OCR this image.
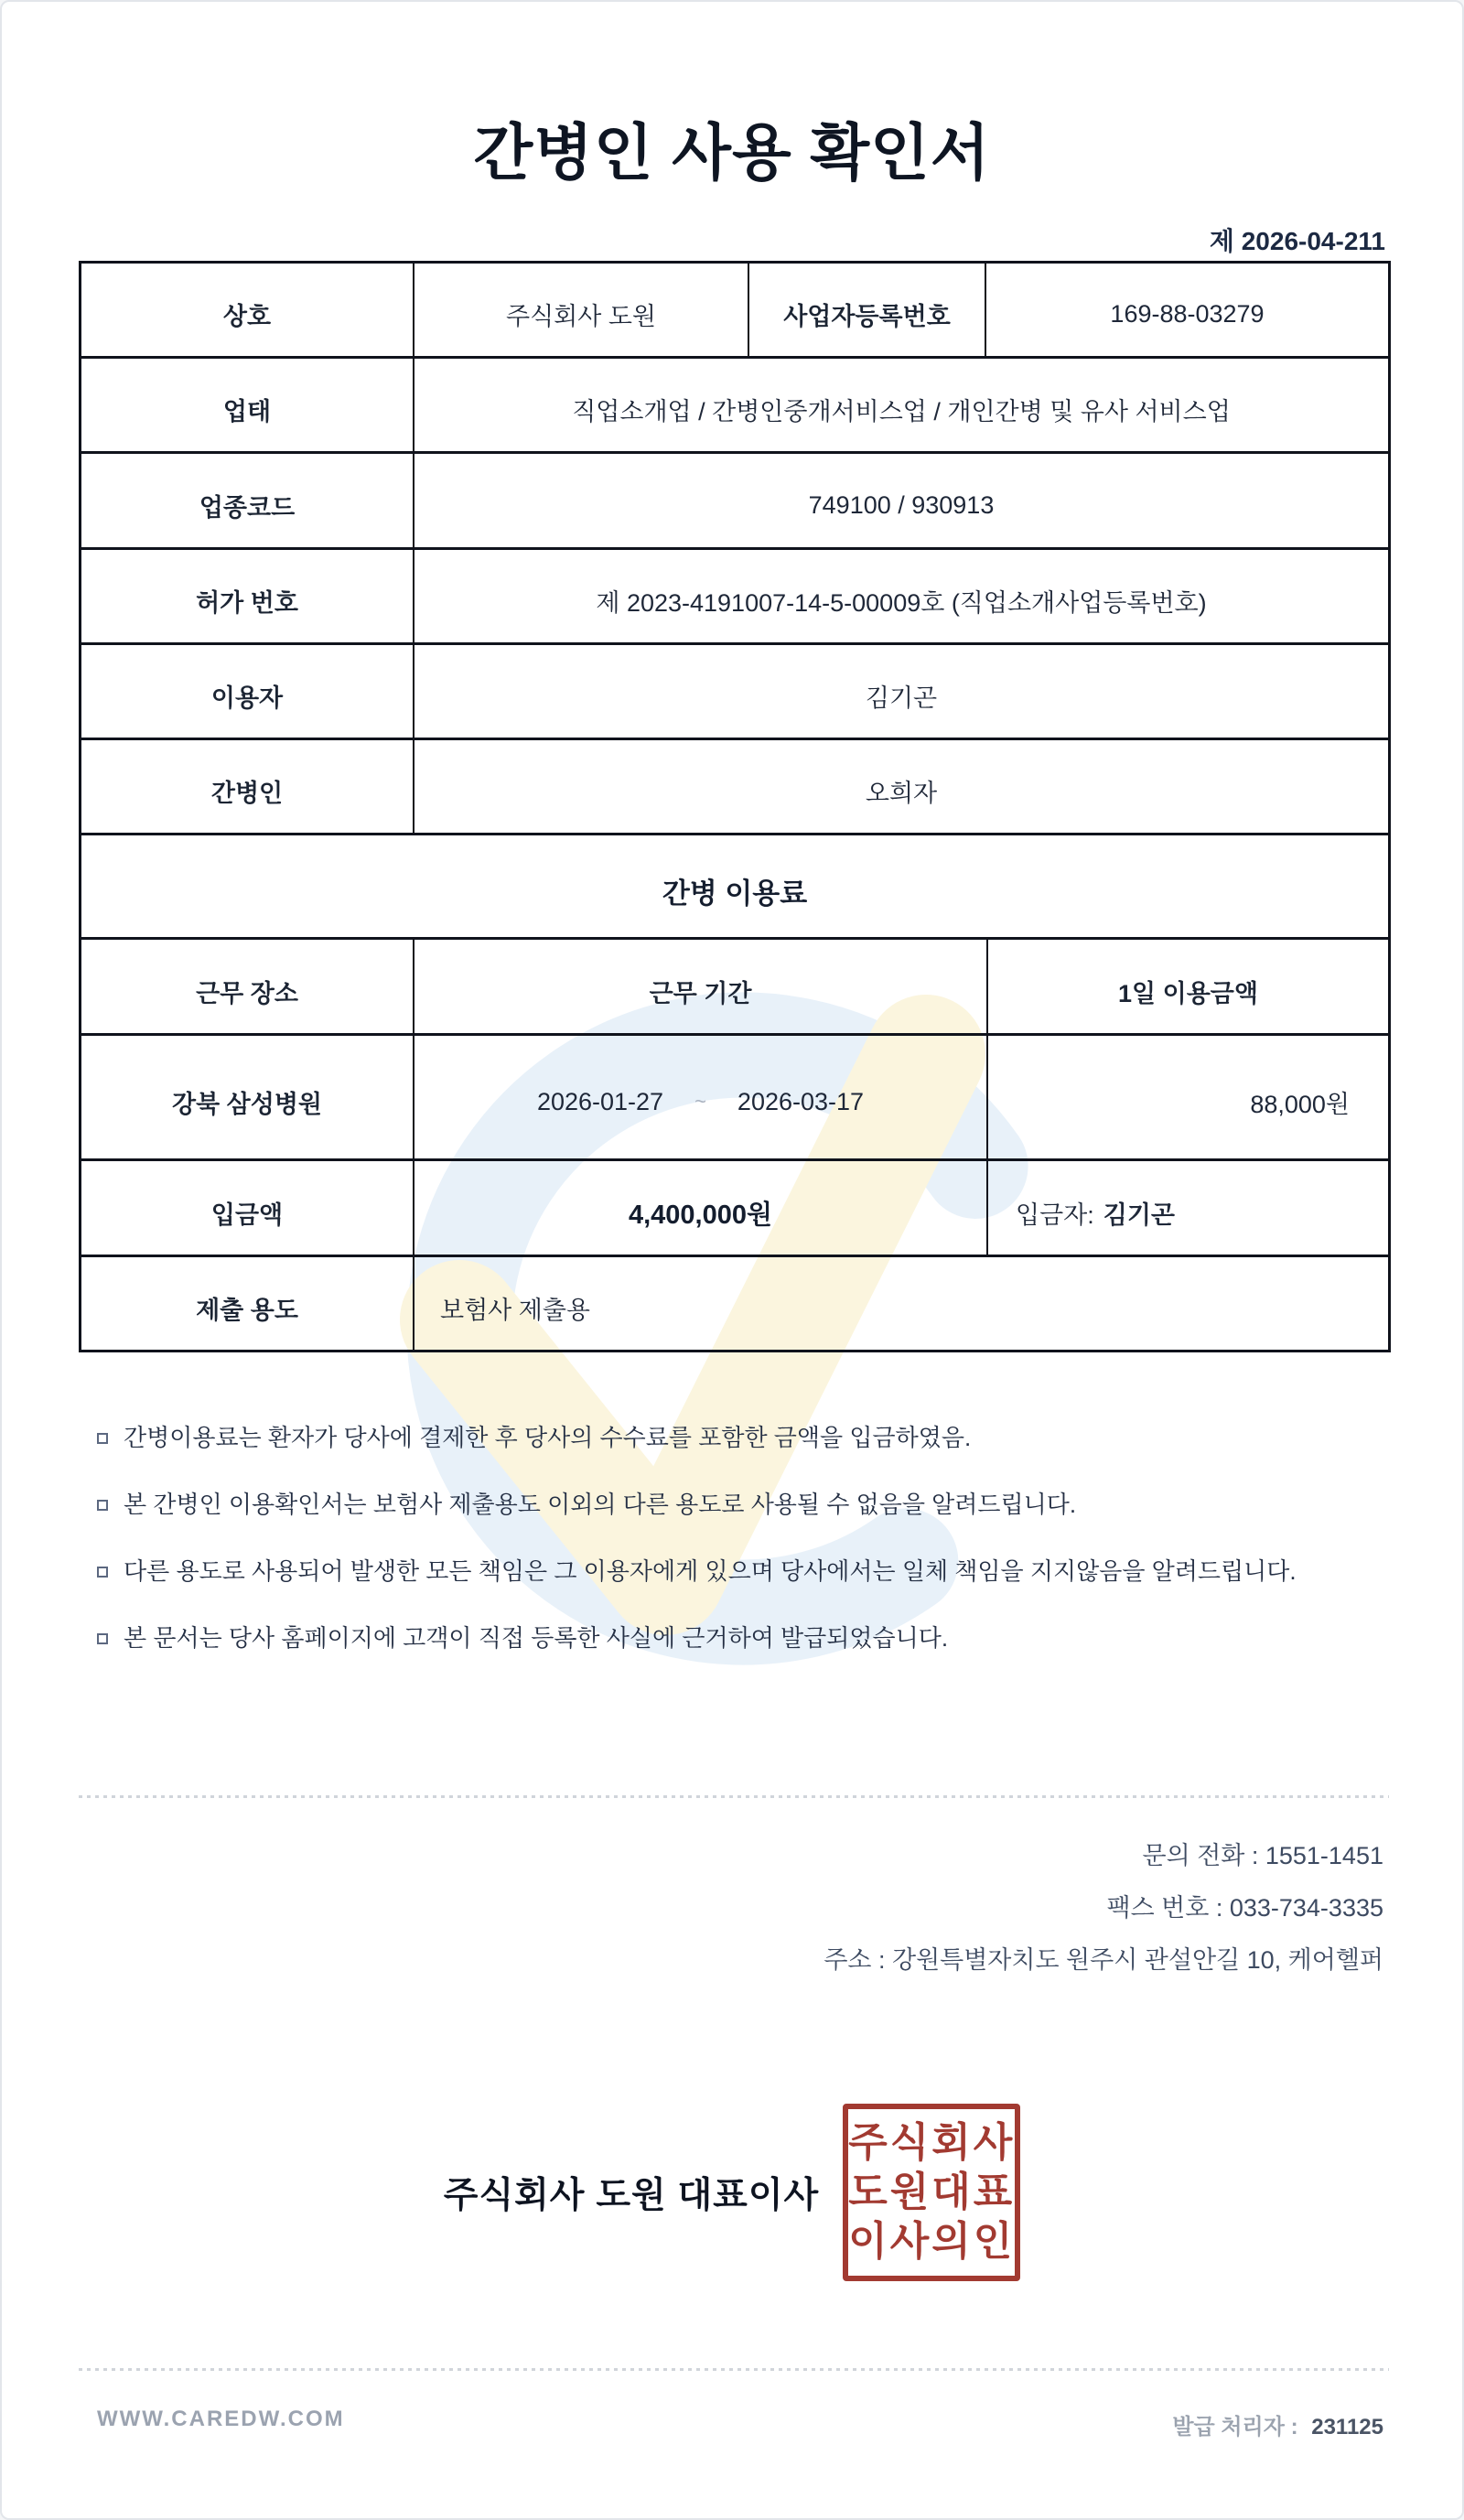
간병인 사용 확인서
제 2026-04-211
상호	주식회사 도원	사업자등록번호	169-88-03279
업태	직업소개업 / 간병인중개서비스업 / 개인간병 및 유사 서비스업
업종코드	749100 / 930913
허가 번호	제 2023-4191007-14-5-00009호 (직업소개사업등록번호)
이용자	김기곤
간병인	오희자
간병 이용료
근무 장소	근무 기간	1일 이용금액
강북 삼성병원	2026-01-27 ~ 2026-03-17	88,000원
입금액	4,400,000원	입금자: 김기곤
제출 용도	보험사 제출용
간병이용료는 환자가 당사에 결제한 후 당사의 수수료를 포함한 금액을 입금하였음.
본 간병인 이용확인서는 보험사 제출용도 이외의 다른 용도로 사용될 수 없음을 알려드립니다.
다른 용도로 사용되어 발생한 모든 책임은 그 이용자에게 있으며 당사에서는 일체 책임을 지지않음을 알려드립니다.
본 문서는 당사 홈페이지에 고객이 직접 등록한 사실에 근거하여 발급되었습니다.
문의 전화 : 1551-1451
팩스 번호 : 033-734-3335
주소 : 강원특별자치도 원주시 관설안길 10, 케어헬퍼
주식회사 도원 대표이사
주식회사
도원대표
이사의인
WWW.CAREDW.COM	발급 처리자 : 231125
